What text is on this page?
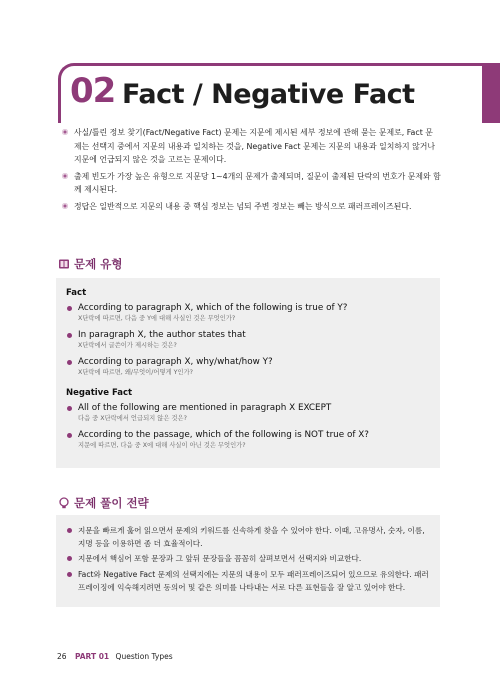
02 Fact / Negative Fact
사실/틀린 정보 찾기(Fact/Negative Fact) 문제는 지문에 제시된 세부 정보에 관해 묻는 문제로, Fact 문
제는 선택지 중에서 지문의 내용과 일치하는 것을, Negative Fact 문제는 지문의 내용과 일치하지 않거나
지문에 언급되지 않은 것을 고르는 문제이다.
출제 빈도가 가장 높은 유형으로 지문당 1~4개의 문제가 출제되며, 질문이 출제된 단락의 번호가 문제와 함
께 제시된다.
정답은 일반적으로 지문의 내용 중 핵심 정보는 넘되 주변 정보는 빼는 방식으로 패러프레이즈된다.
문제 유형
Fact
According to paragraph X, which of the following is true of Y?
X단락에 따르면, 다음 중 Y에 대해 사실인 것은 무엇인가?
In paragraph X, the author states that
X단락에서 글쓴이가 제시하는 것은?
According to paragraph X, why/what/how Y?
X단락에 따르면, 왜/무엇이/어떻게 Y인가?
Negative Fact
All of the following are mentioned in paragraph X EXCEPT
다음 중 X단락에서 언급되지 않은 것은?
According to the passage, which of the following is NOT true of X?
지문에 따르면, 다음 중 X에 대해 사실이 아닌 것은 무엇인가?
문제 풀이 전략
지문을 빠르게 훑어 읽으면서 문제의 키워드를 신속하게 찾을 수 있어야 한다. 이때, 고유명사, 숫자, 이름,
지명 등을 이용하면 좀 더 효율적이다.
지문에서 핵심어 포함 문장과 그 앞뒤 문장들을 꼼꼼히 살펴보면서 선택지와 비교한다.
Fact와 Negative Fact 문제의 선택지에는 지문의 내용이 모두 패러프레이즈되어 있으므로 유의한다. 패러
프레이징에 익숙해지려면 동의어 및 같은 의미를 나타내는 서로 다른 표현들을 잘 알고 있어야 한다.
26 PART 01 Question Types
